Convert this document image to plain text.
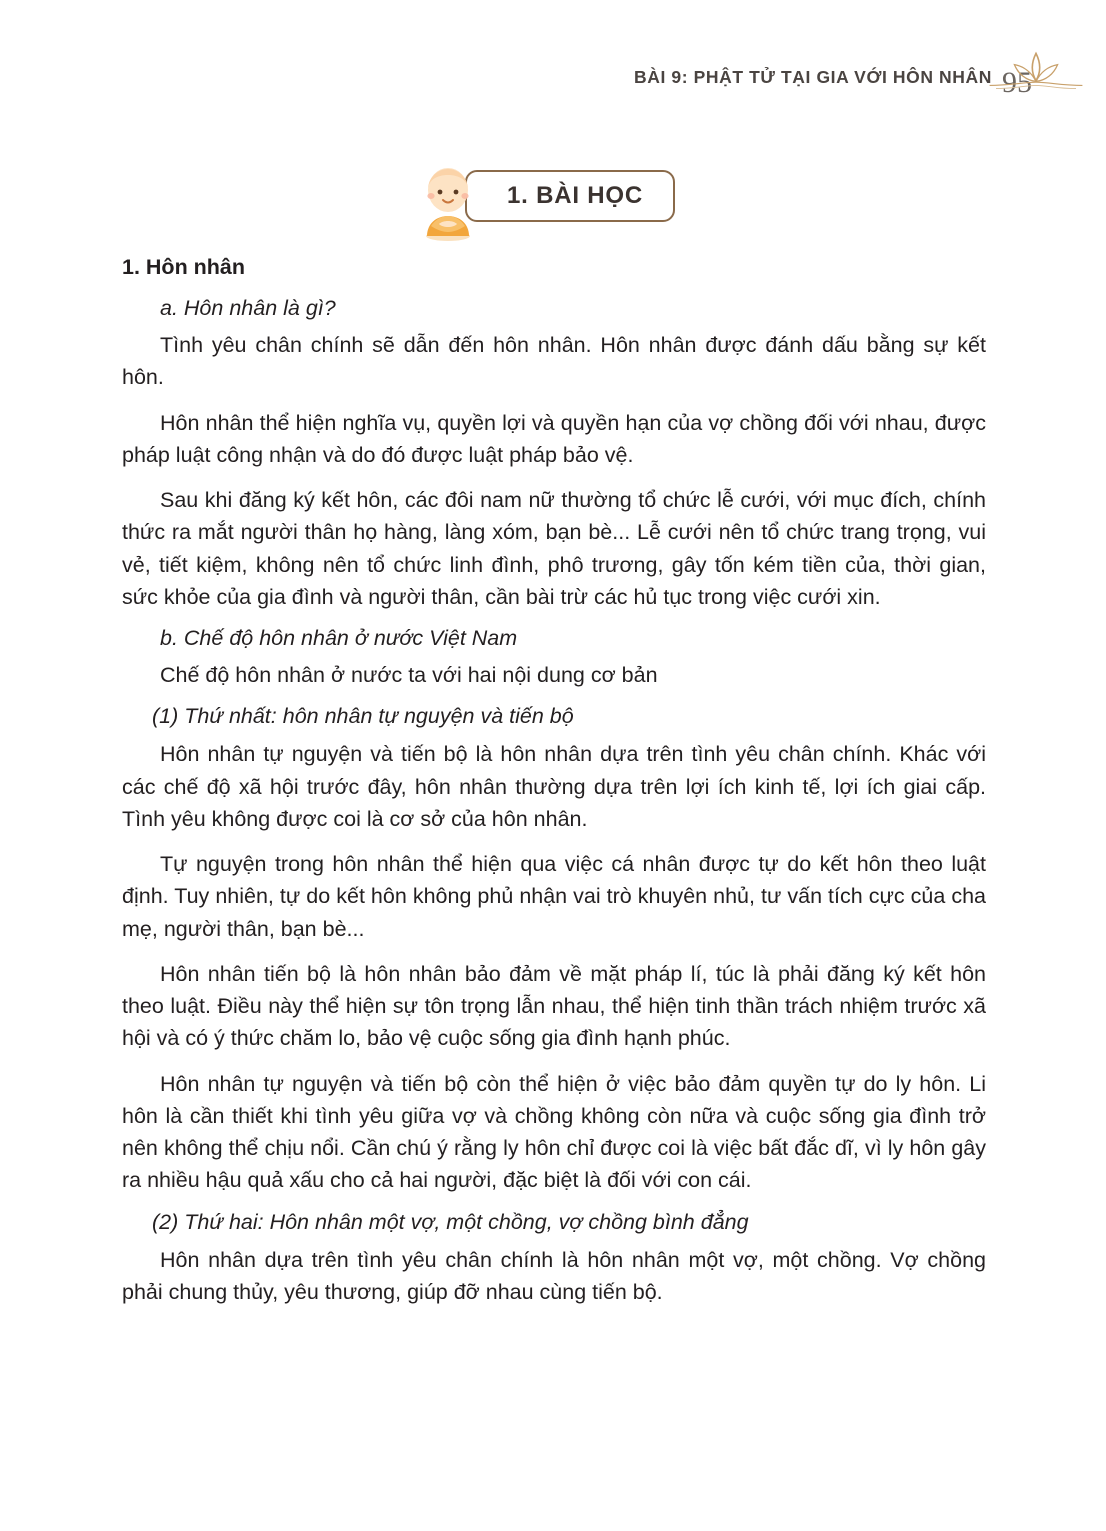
BÀI 9: PHẬT TỬ TẠI GIA VỚI HÔN NHÂN 95
1. BÀI HỌC
1. Hôn nhân
a. Hôn nhân là gì?

Tình yêu chân chính sẽ dẫn đến hôn nhân. Hôn nhân được đánh dấu bằng sự kết hôn.

Hôn nhân thể hiện nghĩa vụ, quyền lợi và quyền hạn của vợ chồng đối với nhau, được pháp luật công nhận và do đó được luật pháp bảo vệ.

Sau khi đăng ký kết hôn, các đôi nam nữ thường tổ chức lễ cưới, với mục đích, chính thức ra mắt người thân họ hàng, làng xóm, bạn bè... Lễ cưới nên tổ chức trang trọng, vui vẻ, tiết kiệm, không nên tổ chức linh đình, phô trương, gây tốn kém tiền của, thời gian, sức khỏe của gia đình và người thân, cần bài trừ các hủ tục trong việc cưới xin.

b. Chế độ hôn nhân ở nước Việt Nam

Chế độ hôn nhân ở nước ta với hai nội dung cơ bản

(1) Thứ nhất: hôn nhân tự nguyện và tiến bộ

Hôn nhân tự nguyện và tiến bộ là hôn nhân dựa trên tình yêu chân chính. Khác với các chế độ xã hội trước đây, hôn nhân thường dựa trên lợi ích kinh tế, lợi ích giai cấp. Tình yêu không được coi là cơ sở của hôn nhân.

Tự nguyện trong hôn nhân thể hiện qua việc cá nhân được tự do kết hôn theo luật định. Tuy nhiên, tự do kết hôn không phủ nhận vai trò khuyên nhủ, tư vấn tích cực của cha mẹ, người thân, bạn bè...

Hôn nhân tiến bộ là hôn nhân bảo đảm về mặt pháp lí, túc là phải đăng ký kết hôn theo luật. Điều này thể hiện sự tôn trọng lẫn nhau, thể hiện tinh thần trách nhiệm trước xã hội và có ý thức chăm lo, bảo vệ cuộc sống gia đình hạnh phúc.

Hôn nhân tự nguyện và tiến bộ còn thể hiện ở việc bảo đảm quyền tự do ly hôn. Li hôn là cần thiết khi tình yêu giữa vợ và chồng không còn nữa và cuộc sống gia đình trở nên không thể chịu nổi. Cần chú ý rằng ly hôn chỉ được coi là việc bất đắc dĩ, vì ly hôn gây ra nhiều hậu quả xấu cho cả hai người, đặc biệt là đối với con cái.

(2) Thứ hai: Hôn nhân một vợ, một chồng, vợ chồng bình đẳng

Hôn nhân dựa trên tình yêu chân chính là hôn nhân một vợ, một chồng. Vợ chồng phải chung thủy, yêu thương, giúp đỡ nhau cùng tiến bộ.
